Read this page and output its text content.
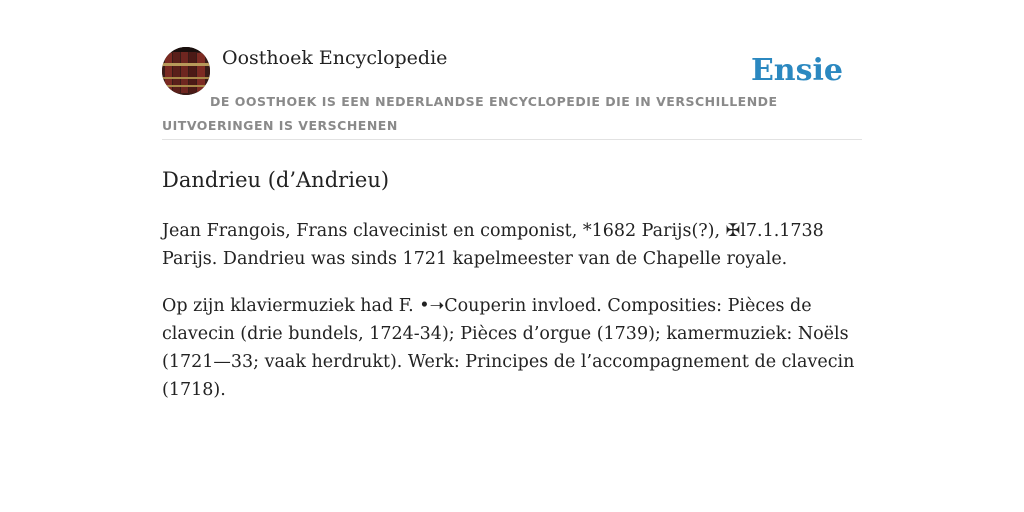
Oosthoek Encyclopedie	Ensie
DE OOSTHOEK IS EEN NEDERLANDSE ENCYCLOPEDIE DIE IN VERSCHILLENDE UITVOERINGEN IS VERSCHENEN
Dandrieu (d’Andrieu)

Jean Frangois, Frans clavecinist en componist, *1682 Parijs(?), ✠l7.1.1738 Parijs. Dandrieu was sinds 1721 kapelmeester van de Chapelle royale.

Op zijn klaviermuziek had F. •➝Couperin invloed. Composities: Pièces de clavecin (drie bundels, 1724-34); Pièces d’orgue (1739); kamermuziek: Noëls (1721—33; vaak herdrukt). Werk: Principes de l’accompagnement de clavecin (1718).
